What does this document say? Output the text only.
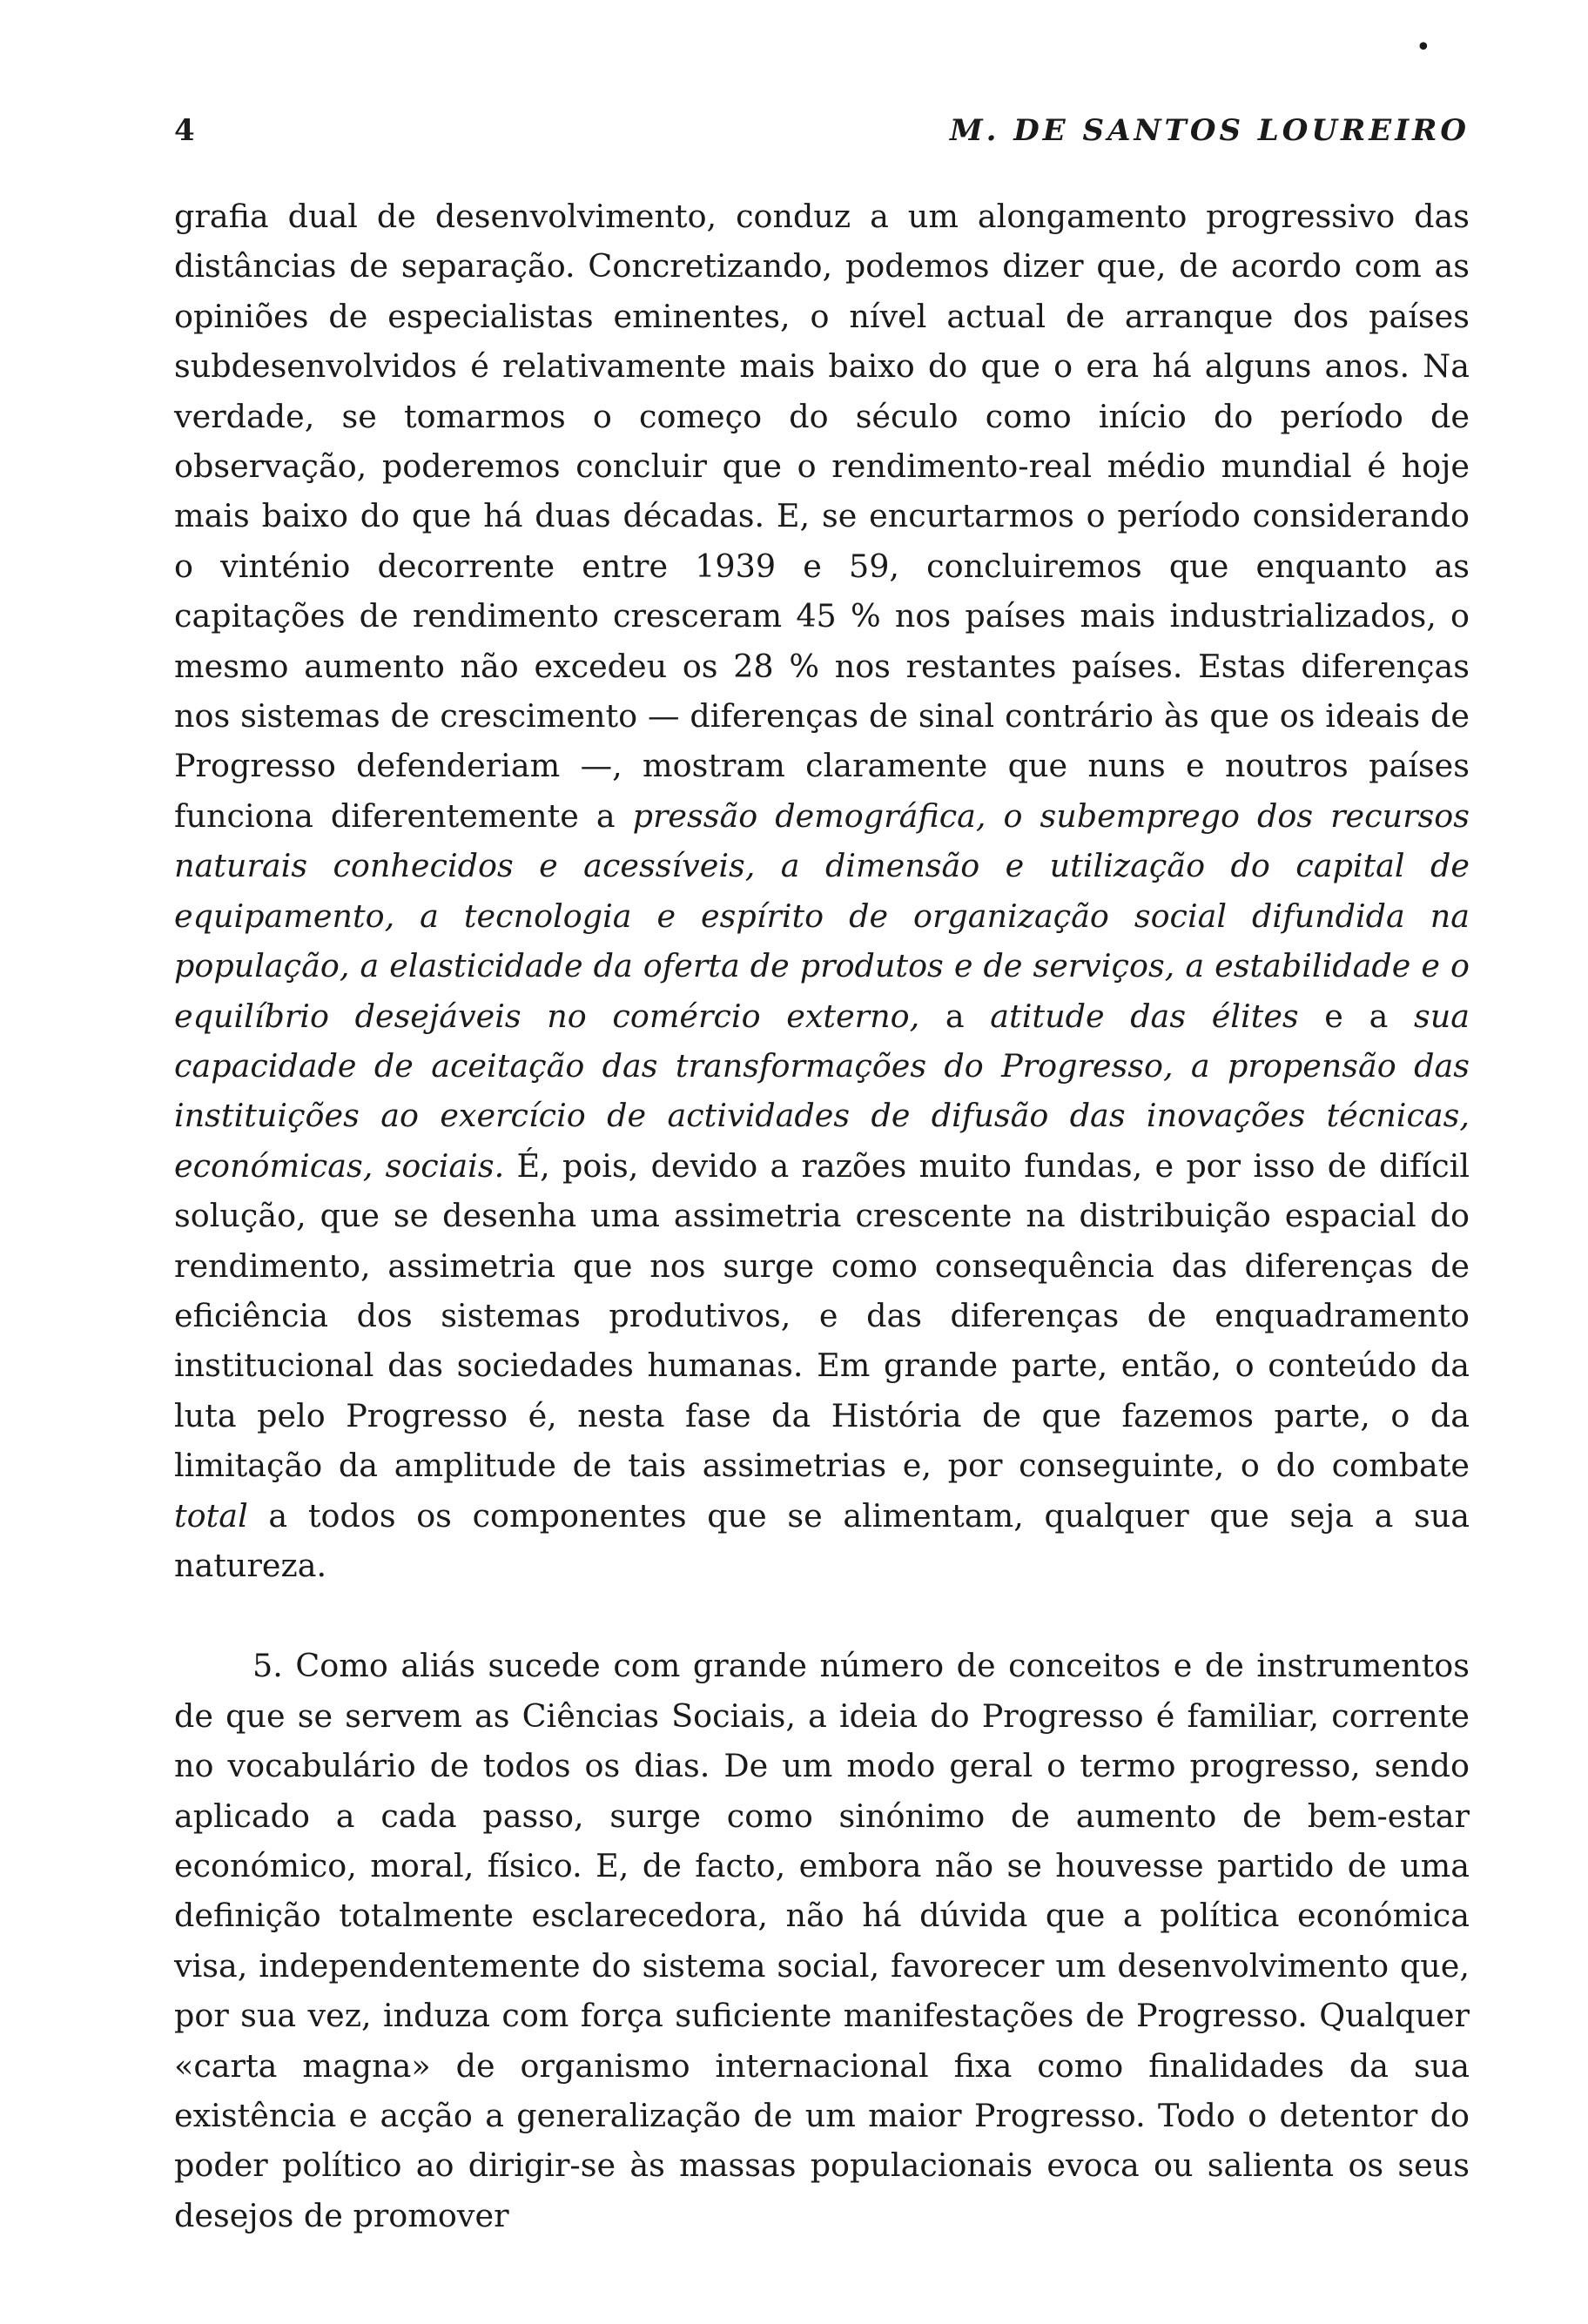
•
4	M. DE SANTOS LOUREIRO

grafia dual de desenvolvimento, conduz a um alongamento progressivo das distâncias de separação. Concretizando, podemos dizer que, de acordo com as opiniões de especialistas eminentes, o nível actual de arranque dos países subdesenvolvidos é relativamente mais baixo do que o era há alguns anos. Na verdade, se tomarmos o começo do século como início do período de observação, poderemos concluir que o rendimento-real médio mundial é hoje mais baixo do que há duas décadas. E, se encurtarmos o período considerando o vinténio decorrente entre 1939 e 59, concluiremos que enquanto as capitações de rendimento cresceram 45 % nos países mais industrializados, o mesmo aumento não excedeu os 28 % nos restantes países. Estas diferenças nos sistemas de crescimento — diferenças de sinal contrário às que os ideais de Progresso defenderiam —, mostram claramente que nuns e noutros países funciona diferentemente a pressão demográfica, o subemprego dos recursos naturais conhecidos e acessíveis, a dimensão e utilização do capital de equipamento, a tecnologia e espírito de organização social difundida na população, a elasticidade da oferta de produtos e de serviços, a estabilidade e o equilíbrio desejáveis no comércio externo, a atitude das élites e a sua capacidade de aceitação das transformações do Progresso, a propensão das instituições ao exercício de actividades de difusão das inovações técnicas, económicas, sociais. É, pois, devido a razões muito fundas, e por isso de difícil solução, que se desenha uma assimetria crescente na distribuição espacial do rendimento, assimetria que nos surge como consequência das diferenças de eficiência dos sistemas produtivos, e das diferenças de enquadramento institucional das sociedades humanas. Em grande parte, então, o conteúdo da luta pelo Progresso é, nesta fase da História de que fazemos parte, o da limitação da amplitude de tais assimetrias e, por conseguinte, o do combate total a todos os componentes que se alimentam, qualquer que seja a sua natureza.

5. Como aliás sucede com grande número de conceitos e de instrumentos de que se servem as Ciências Sociais, a ideia do Progresso é familiar, corrente no vocabulário de todos os dias. De um modo geral o termo progresso, sendo aplicado a cada passo, surge como sinónimo de aumento de bem-estar económico, moral, físico. E, de facto, embora não se houvesse partido de uma definição totalmente esclarecedora, não há dúvida que a política económica visa, independentemente do sistema social, favorecer um desenvolvimento que, por sua vez, induza com força suficiente manifestações de Progresso. Qualquer «carta magna» de organismo internacional fixa como finalidades da sua existência e acção a generalização de um maior Progresso. Todo o detentor do poder político ao dirigir-se às massas populacionais evoca ou salienta os seus desejos de promover
